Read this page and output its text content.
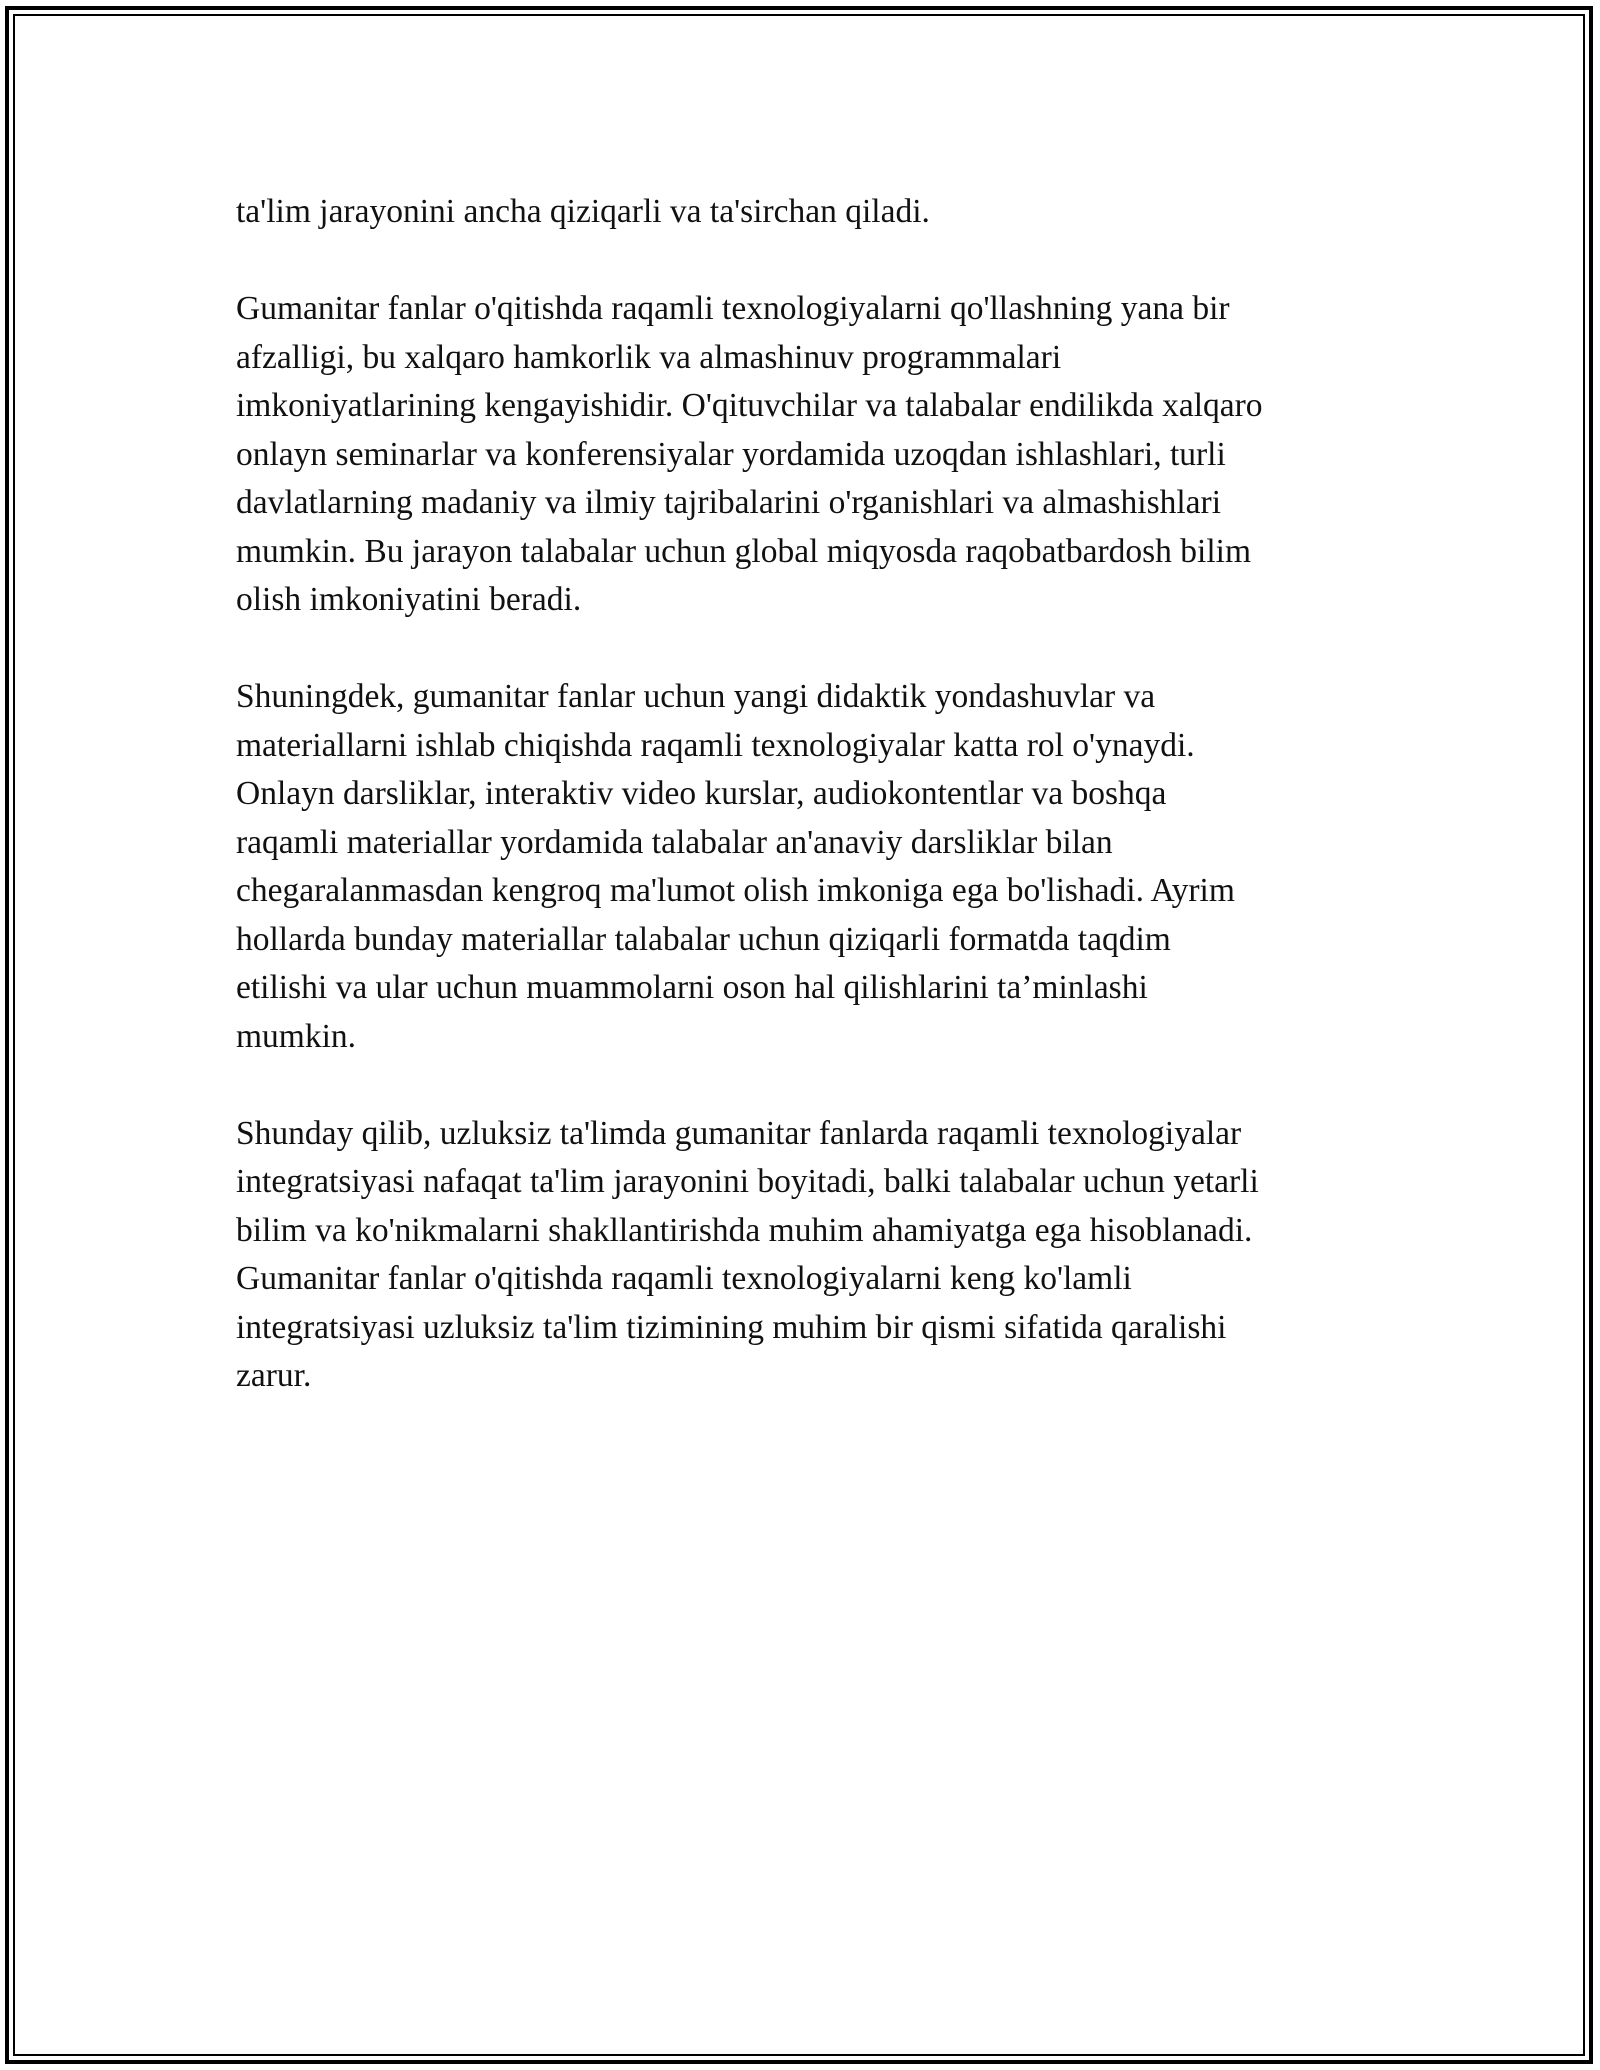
ta'lim jarayonini ancha qiziqarli va ta'sirchan qiladi.

Gumanitar fanlar o'qitishda raqamli texnologiyalarni qo'llashning yana bir
afzalligi, bu xalqaro hamkorlik va almashinuv programmalari
imkoniyatlarining kengayishidir. O'qituvchilar va talabalar endilikda xalqaro
onlayn seminarlar va konferensiyalar yordamida uzoqdan ishlashlari, turli
davlatlarning madaniy va ilmiy tajribalarini o'rganishlari va almashishlari
mumkin. Bu jarayon talabalar uchun global miqyosda raqobatbardosh bilim
olish imkoniyatini beradi.

Shuningdek, gumanitar fanlar uchun yangi didaktik yondashuvlar va
materiallarni ishlab chiqishda raqamli texnologiyalar katta rol o'ynaydi.
Onlayn darsliklar, interaktiv video kurslar, audiokontentlar va boshqa
raqamli materiallar yordamida talabalar an'anaviy darsliklar bilan
chegaralanmasdan kengroq ma'lumot olish imkoniga ega bo'lishadi. Ayrim
hollarda bunday materiallar talabalar uchun qiziqarli formatda taqdim
etilishi va ular uchun muammolarni oson hal qilishlarini ta’minlashi
mumkin.

Shunday qilib, uzluksiz ta'limda gumanitar fanlarda raqamli texnologiyalar
integratsiyasi nafaqat ta'lim jarayonini boyitadi, balki talabalar uchun yetarli
bilim va ko'nikmalarni shakllantirishda muhim ahamiyatga ega hisoblanadi.
Gumanitar fanlar o'qitishda raqamli texnologiyalarni keng ko'lamli
integratsiyasi uzluksiz ta'lim tizimining muhim bir qismi sifatida qaralishi
zarur.
